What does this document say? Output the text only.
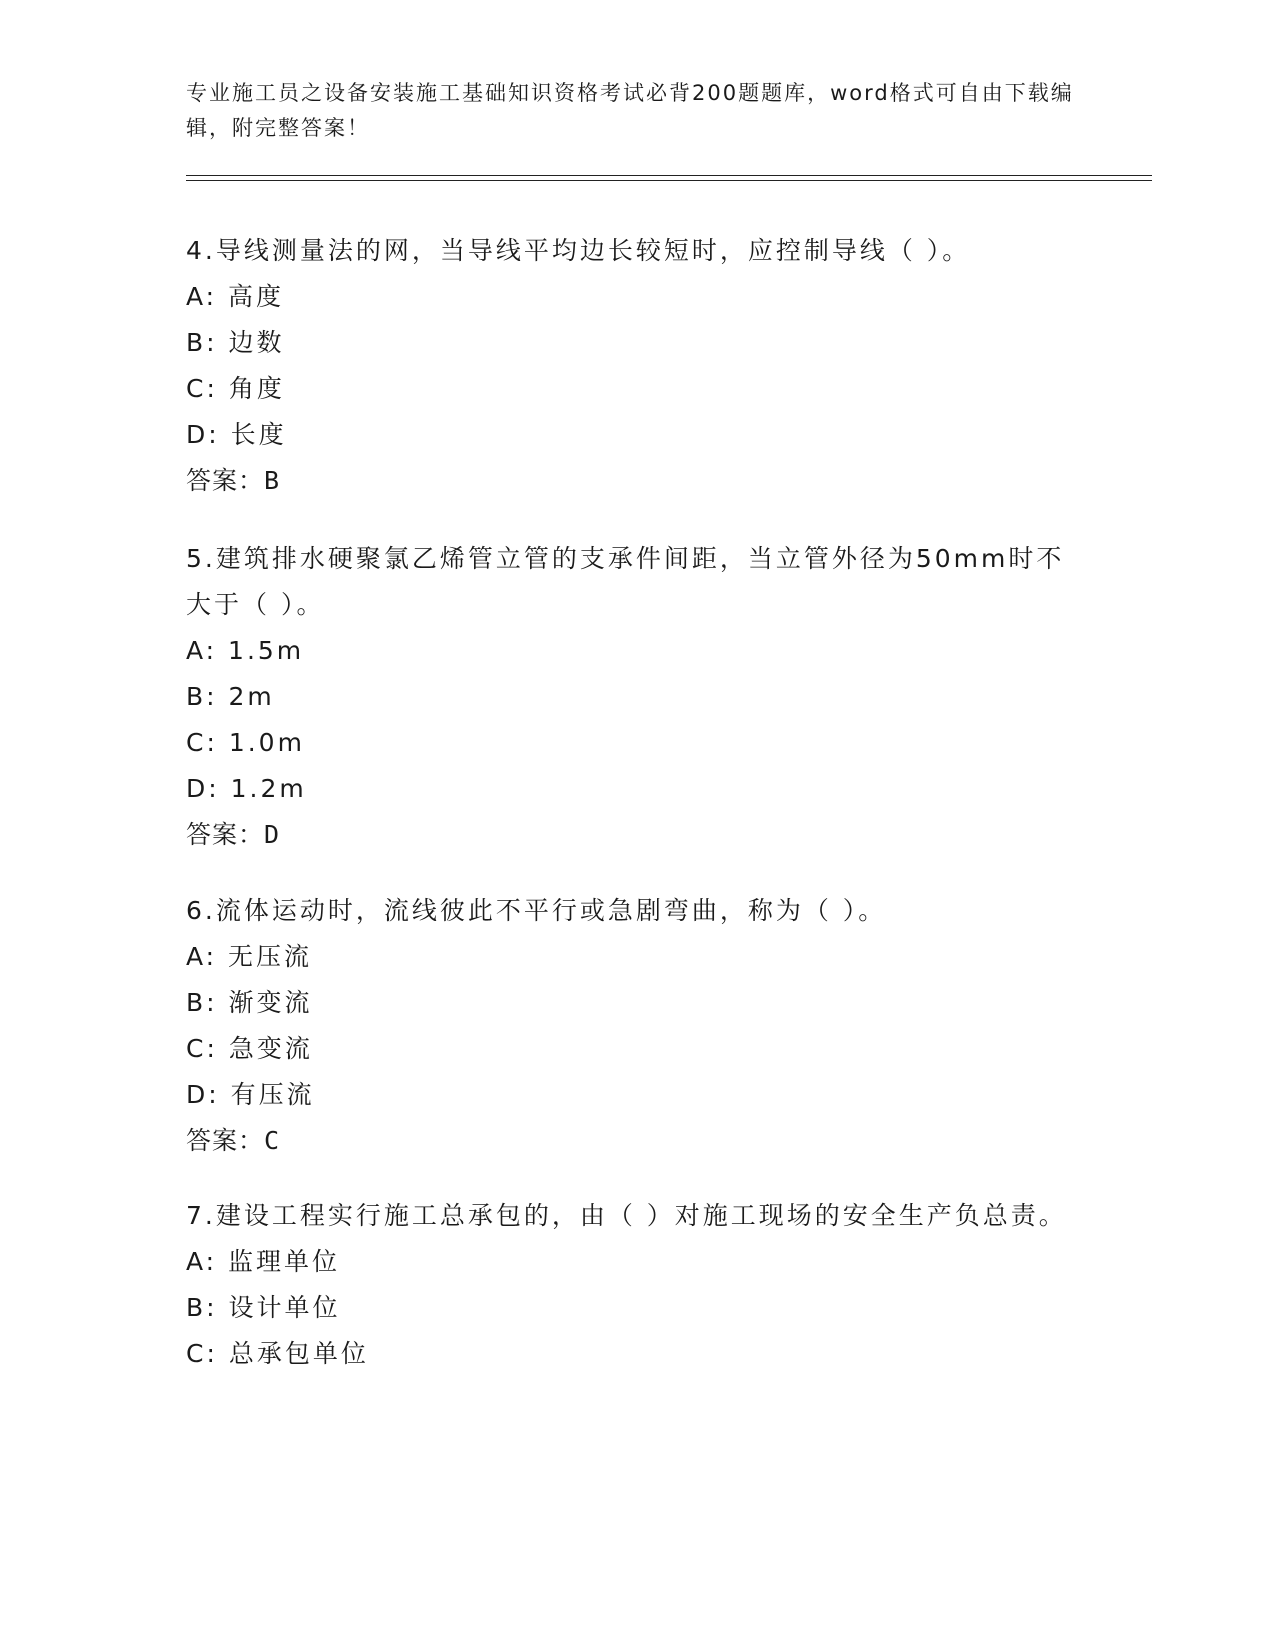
专业施工员之设备安装施工基础知识资格考试必背200题题库，word格式可自由下载编辑，附完整答案！
4.导线测量法的网，当导线平均边长较短时，应控制导线（ ）。
A: 高度
B: 边数
C: 角度
D: 长度
答案：B
5.建筑排水硬聚氯乙烯管立管的支承件间距，当立管外径为50mm时不大于（ ）。
A: 1.5m
B: 2m
C: 1.0m
D: 1.2m
答案：D
6.流体运动时，流线彼此不平行或急剧弯曲，称为（ ）。
A: 无压流
B: 渐变流
C: 急变流
D: 有压流
答案：C
7.建设工程实行施工总承包的，由（ ）对施工现场的安全生产负总责。
A: 监理单位
B: 设计单位
C: 总承包单位
